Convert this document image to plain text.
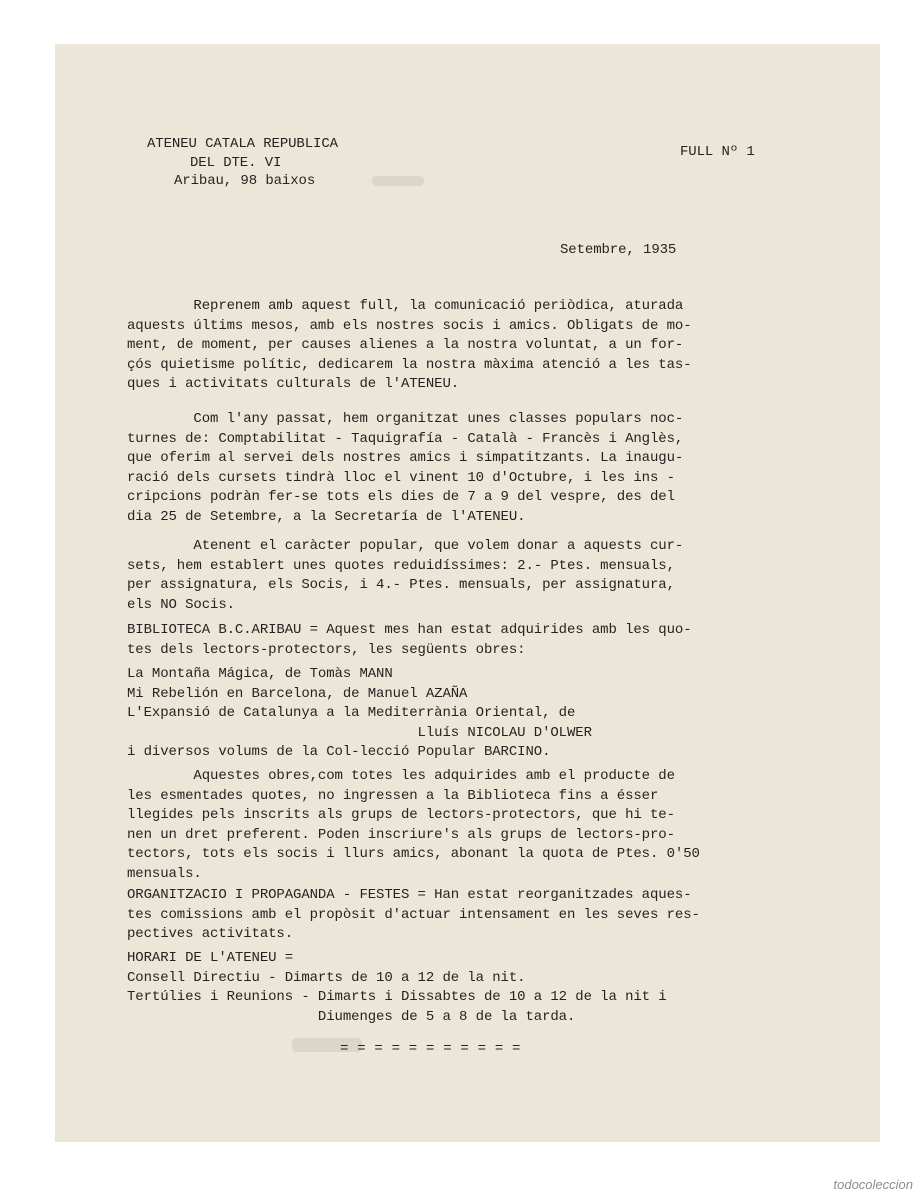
ATENEU CATALA REPUBLICA
DEL DTE. VI
Aribau, 98 baixos
FULL Nº 1
Setembre, 1935
Reprenem amb aquest full, la comunicació periòdica, aturada
aquests últims mesos, amb els nostres socis i amics. Obligats de mo-
ment, de moment, per causes alienes a la nostra voluntat, a un for-
çós quietisme polític, dedicarem la nostra màxima atenció a les tas-
ques i activitats culturals de l'ATENEU.
Com l'any passat, hem organitzat unes classes populars noc-
turnes de: Comptabilitat - Taquigrafía - Català - Francès i Anglès,
que oferim al servei dels nostres amics i simpatitzants. La inaugu-
ració dels cursets tindrà lloc el vinent 10 d'Octubre, i les ins -
cripcions podràn fer-se tots els dies de 7 a 9 del vespre, des del
dia 25 de Setembre, a la Secretaría de l'ATENEU.
Atenent el caràcter popular, que volem donar a aquests cur-
sets, hem establert unes quotes reduidíssimes: 2.- Ptes. mensuals,
per assignatura, els Socis, i 4.- Ptes. mensuals, per assignatura,
els NO Socis.
BIBLIOTECA B.C.ARIBAU = Aquest mes han estat adquirides amb les quo-
tes dels lectors-protectors, les següents obres:
La Montaña Mágica, de Tomàs MANN
Mi Rebelión en Barcelona, de Manuel AZAÑA
L'Expansió de Catalunya a la Mediterrània Oriental, de
Lluís NICOLAU D'OLWER
i diversos volums de la Col-lecció Popular BARCINO.
Aquestes obres,com totes les adquirides amb el producte de
les esmentades quotes, no ingressen a la Biblioteca fins a ésser
llegides pels inscrits als grups de lectors-protectors, que hi te-
nen un dret preferent. Poden inscriure's als grups de lectors-pro-
tectors, tots els socis i llurs amics, abonant la quota de Ptes. 0'50
mensuals.
ORGANITZACIO I PROPAGANDA - FESTES = Han estat reorganitzades aques-
tes comissions amb el propòsit d'actuar intensament en les seves res-
pectives activitats.
HORARI DE L'ATENEU =
Consell Directiu - Dimarts de 10 a 12 de la nit.
Tertúlies i Reunions - Dimarts i Dissabtes de 10 a 12 de la nit i
Diumenges de 5 a 8 de la tarda.
= = = = = = = = = = =
todocoleccion
